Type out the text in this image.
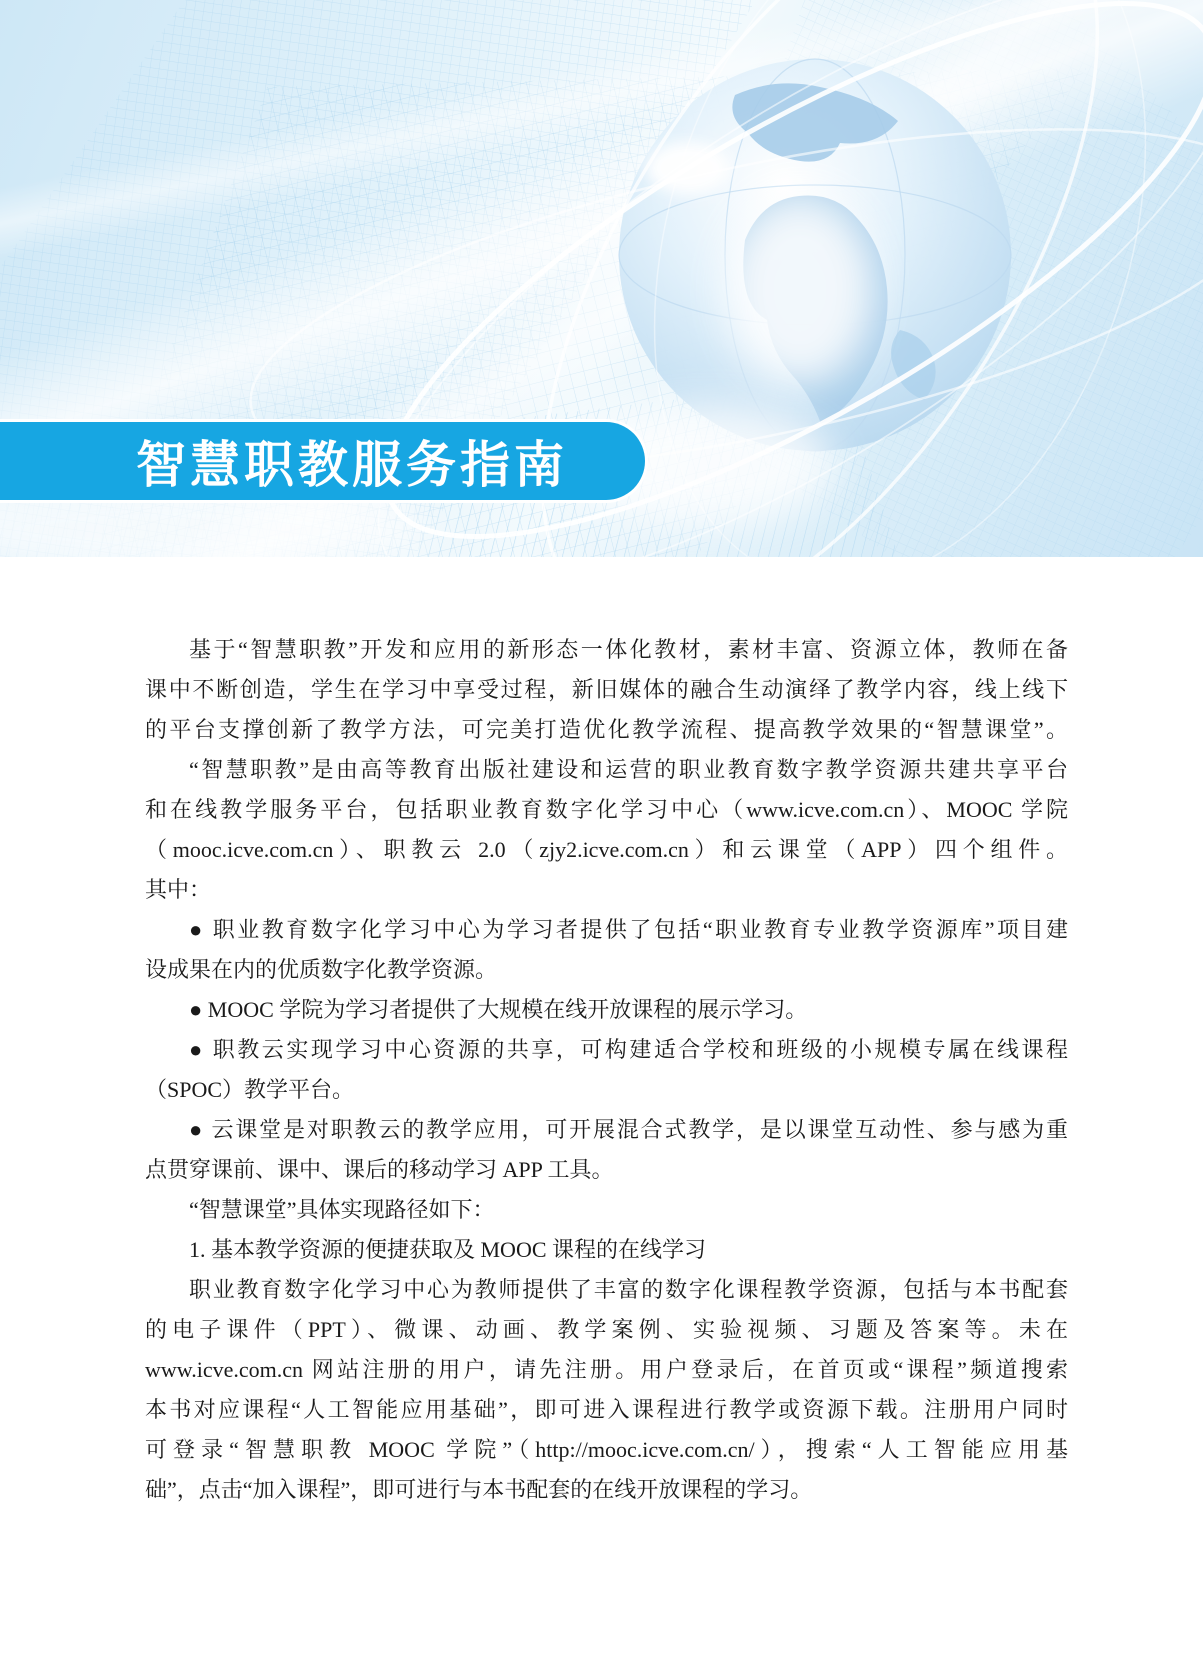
智慧职教服务指南
基于“智慧职教”开发和应用的新形态一体化教材，素材丰富、资源立体，教师在备
课中不断创造，学生在学习中享受过程，新旧媒体的融合生动演绎了教学内容，线上线下
的平台支撑创新了教学方法，可完美打造优化教学流程、提高教学效果的“智慧课堂”。
“智慧职教”是由高等教育出版社建设和运营的职业教育数字教学资源共建共享平台
和在线教学服务平台，包括职业教育数字化学习中心（www.icve.com.cn）、MOOC 学院
（mooc.icve.com.cn）、职教云 2.0（zjy2.icve.com.cn）和云课堂（APP）四个组件。
其中：
● 职业教育数字化学习中心为学习者提供了包括“职业教育专业教学资源库”项目建
设成果在内的优质数字化教学资源。
● MOOC 学院为学习者提供了大规模在线开放课程的展示学习。
● 职教云实现学习中心资源的共享，可构建适合学校和班级的小规模专属在线课程
（SPOC）教学平台。
● 云课堂是对职教云的教学应用，可开展混合式教学，是以课堂互动性、参与感为重
点贯穿课前、课中、课后的移动学习 APP 工具。
“智慧课堂”具体实现路径如下：
1. 基本教学资源的便捷获取及 MOOC 课程的在线学习
职业教育数字化学习中心为教师提供了丰富的数字化课程教学资源，包括与本书配套
的电子课件（PPT）、微课、动画、教学案例、实验视频、习题及答案等。未在
www.icve.com.cn 网站注册的用户，请先注册。用户登录后，在首页或“课程”频道搜索
本书对应课程“人工智能应用基础”，即可进入课程进行教学或资源下载。注册用户同时
可登录“智慧职教 MOOC 学院”（http://mooc.icve.com.cn/），搜索“人工智能应用基
础”，点击“加入课程”，即可进行与本书配套的在线开放课程的学习。
